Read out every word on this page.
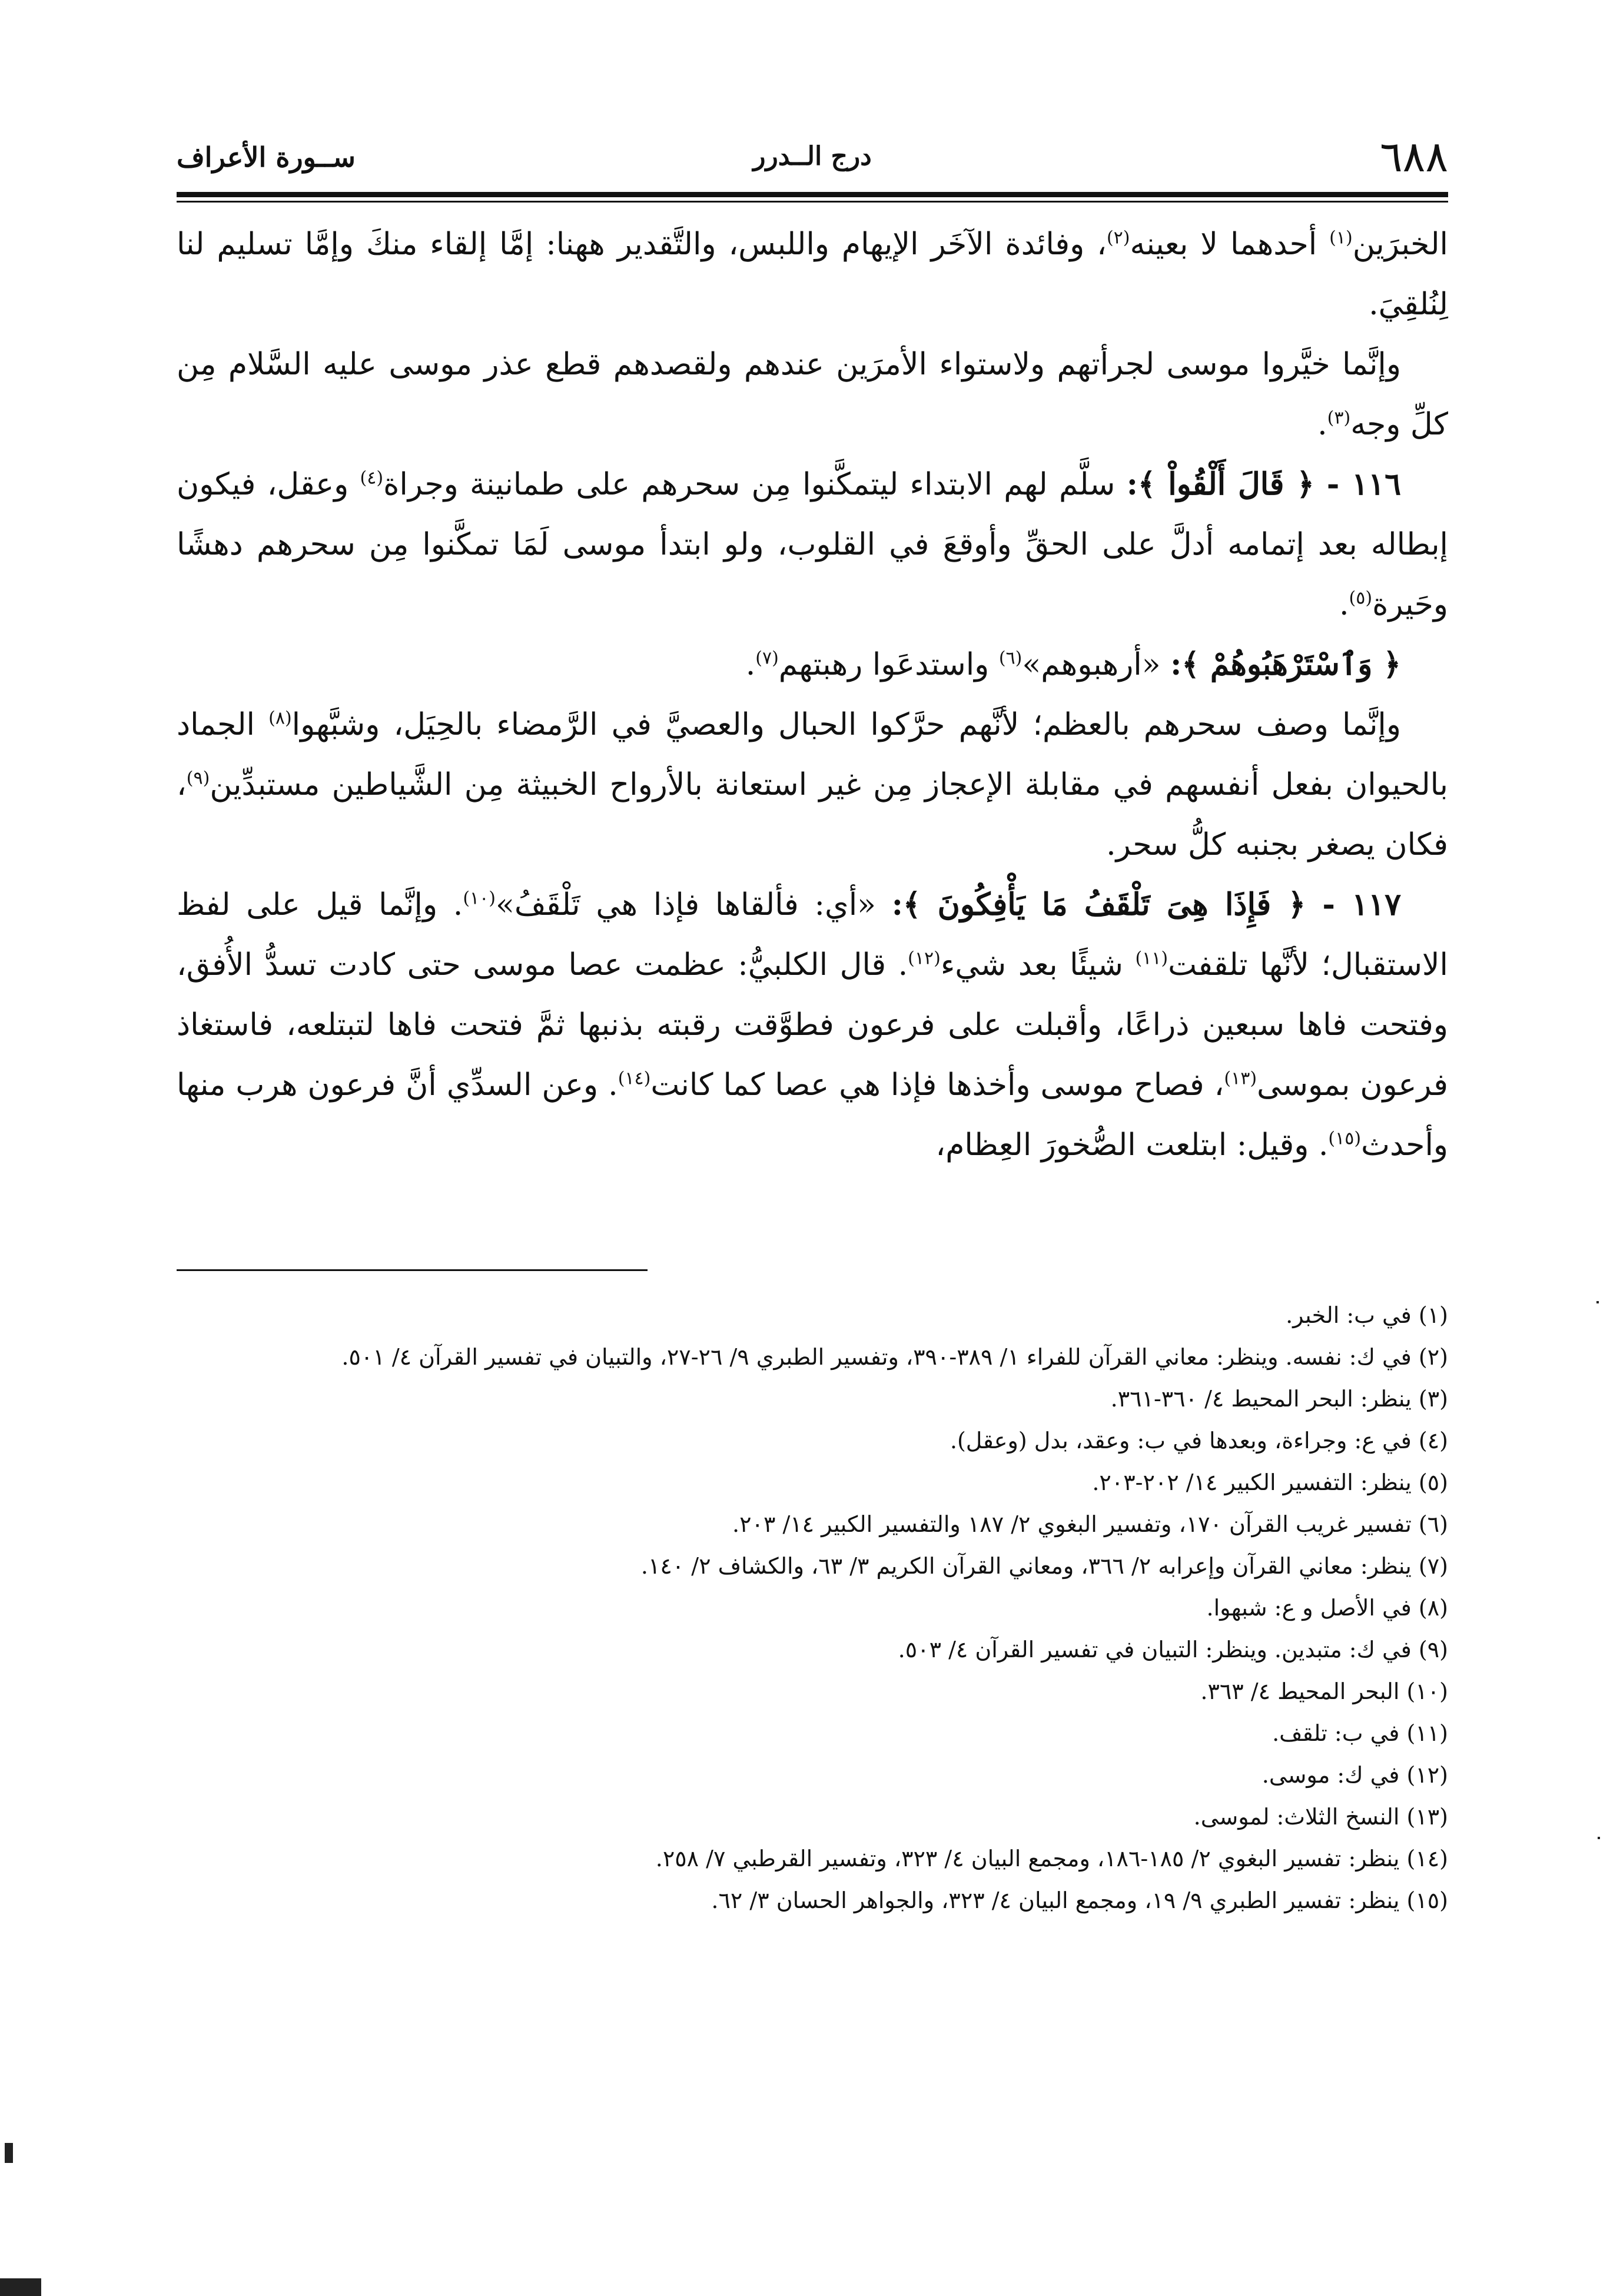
٦٨٨
درج الــدرر
ســورة الأعراف

الخبرَين$^{(١)}$ أحدهما لا بعينه$^{(٢)}$، وفائدة الآخَر الإيهام واللبس، والتَّقدير ههنا: إمَّا إلقاء منكَ وإمَّا تسليم لنا لِنُلقِيَ.

وإنَّما خيَّروا موسى لجرأتهم ولاستواء الأمرَين عندهم ولقصدهم قطع عذر موسى عليه السَّلام مِن كلِّ وجه$^{(٣)}$.

١١٦ - ﴿ قَالَ أَلْقُواْ ﴾: سلَّم لهم الابتداء ليتمكَّنوا مِن سحرهم على طمانينة وجراة$^{(٤)}$ وعقل، فيكون إبطاله بعد إتمامه أدلَّ على الحقِّ وأوقعَ في القلوب، ولو ابتدأ موسى لَمَا تمكَّنوا مِن سحرهم دهشًا وحَيرة$^{(٥)}$.

﴿ وَٱسْتَرْهَبُوهُمْ ﴾: «أرهبوهم»$^{(٦)}$ واستدعَوا رهبتهم$^{(٧)}$.

وإنَّما وصف سحرهم بالعظم؛ لأنَّهم حرَّكوا الحبال والعصيَّ في الرَّمضاء بالحِيَل، وشبَّهوا$^{(٨)}$ الجماد بالحيوان بفعل أنفسهم في مقابلة الإعجاز مِن غير استعانة بالأرواح الخبيثة مِن الشَّياطين مستبدِّين$^{(٩)}$، فكان يصغر بجنبه كلُّ سحر.

١١٧ - ﴿ فَإِذَا هِىَ تَلْقَفُ مَا يَأْفِكُونَ ﴾: «أي: فألقاها فإذا هي تَلْقَفُ»$^{(١٠)}$. وإنَّما قيل على لفظ الاستقبال؛ لأنَّها تلقفت$^{(١١)}$ شيئًا بعد شيء$^{(١٢)}$. قال الكلبيُّ: عظمت عصا موسى حتى كادت تسدُّ الأُفق، وفتحت فاها سبعين ذراعًا، وأقبلت على فرعون فطوَّقت رقبته بذنبها ثمَّ فتحت فاها لتبتلعه، فاستغاذ فرعون بموسى$^{(١٣)}$، فصاح موسى وأخذها فإذا هي عصا كما كانت$^{(١٤)}$. وعن السدِّي أنَّ فرعون هرب منها وأحدث$^{(١٥)}$. وقيل: ابتلعت الصُّخورَ العِظام،

(١) في ب: الخبر.
(٢) في ك: نفسه. وينظر: معاني القرآن للفراء ١/ ٣٨٩-٣٩٠، وتفسير الطبري ٩/ ٢٦-٢٧، والتبيان في تفسير القرآن ٤/ ٥٠١.
(٣) ينظر: البحر المحيط ٤/ ٣٦٠-٣٦١.
(٤) في ع: وجراءة، وبعدها في ب: وعقد، بدل (وعقل).
(٥) ينظر: التفسير الكبير ١٤/ ٢٠٢-٢٠٣.
(٦) تفسير غريب القرآن ١٧٠، وتفسير البغوي ٢/ ١٨٧ والتفسير الكبير ١٤/ ٢٠٣.
(٧) ينظر: معاني القرآن وإعرابه ٢/ ٣٦٦، ومعاني القرآن الكريم ٣/ ٦٣، والكشاف ٢/ ١٤٠.
(٨) في الأصل و ع: شبهوا.
(٩) في ك: متبدين. وينظر: التبيان في تفسير القرآن ٤/ ٥٠٣.
(١٠) البحر المحيط ٤/ ٣٦٣.
(١١) في ب: تلقف.
(١٢) في ك: موسى.
(١٣) النسخ الثلاث: لموسى.
(١٤) ينظر: تفسير البغوي ٢/ ١٨٥-١٨٦، ومجمع البيان ٤/ ٣٢٣، وتفسير القرطبي ٧/ ٢٥٨.
(١٥) ينظر: تفسير الطبري ٩/ ١٩، ومجمع البيان ٤/ ٣٢٣، والجواهر الحسان ٣/ ٦٢.
